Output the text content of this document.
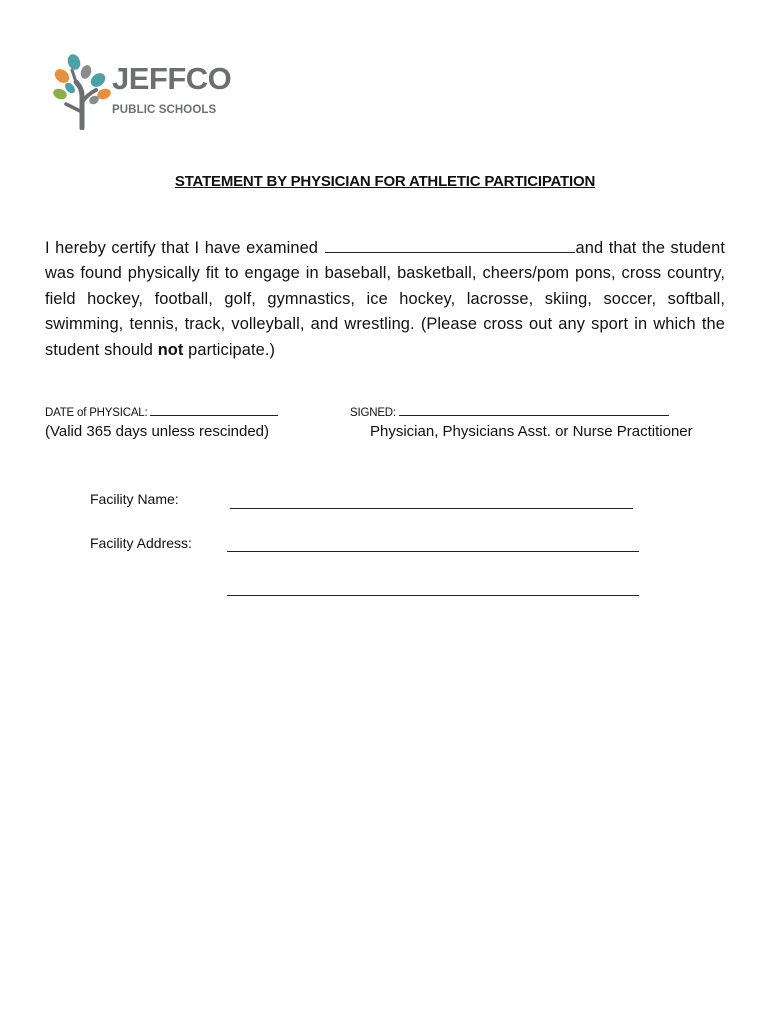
JEFFCO
PUBLIC SCHOOLS
STATEMENT BY PHYSICIAN FOR ATHLETIC PARTICIPATION
I hereby certify that I have examined	and that the student was found physically fit to engage in baseball, basketball, cheers/pom pons, cross country, field hockey, football, golf, gymnastics, ice hockey, lacrosse, skiing, soccer, softball, swimming, tennis, track, volleyball, and wrestling. (Please cross out any sport in which the student should not participate.)
DATE of PHYSICAL:
(Valid 365 days unless rescinded)
SIGNED:
Physician, Physicians Asst. or Nurse Practitioner
Facility Name:
Facility Address:
